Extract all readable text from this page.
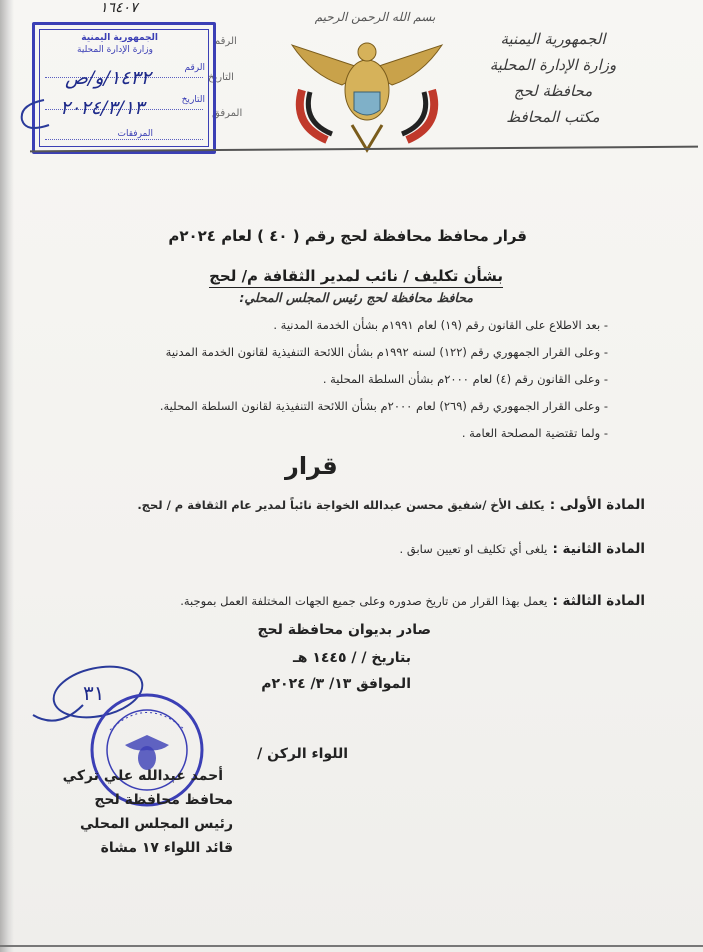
١٦٤٠٧
بسم الله الرحمن الرحيم
الجمهورية اليمنية
وزارة الإدارة المحلية
محافظة لحج
مكتب المحافظ
الرقم
التاريخ
المرفق
الجمهورية اليمنية
وزارة الإدارة المحلية
الرقم
١٤٣٢/و/ص
التاريخ
٢٠٢٤/٣/١٣
المرفقات
قرار محافظ محافظة لحج رقم ( ٤٠ ) لعام ٢٠٢٤م
بشأن تكليف / نائب لمدير الثقافة م/ لحج
محافظ محافظة لحج رئيس المجلس المحلي:
- بعد الاطلاع على القانون رقم (١٩) لعام ١٩٩١م بشأن الخدمة المدنية .
- وعلى القرار الجمهوري رقم (١٢٢) لسنه ١٩٩٢م بشأن اللائحة التنفيذية لقانون الخدمة المدنية
- وعلى القانون رقم (٤) لعام ٢٠٠٠م بشأن السلطة المحلية .
- وعلى القرار الجمهوري رقم (٢٦٩) لعام ٢٠٠٠م بشأن اللائحة التنفيذية لقانون السلطة المحلية.
- ولما تقتضية المصلحة العامة .
قرار
المادة الأولى : يكلف الأخ /شفيق محسن عبدالله الخواجة نائباً لمدير عام الثقافة م / لحج.
المادة الثانية : يلغى أي تكليف او تعيين سابق .
المادة الثالثة : يعمل بهذا القرار من تاريخ صدوره وعلى جميع الجهات المختلفة العمل بموجبة.
صادر بديوان محافظة لحج
بتاريخ / / ١٤٤٥ هـ
الموافق ١٣/ ٣/ ٢٠٢٤م
٣١
اللواء الركن /
أحمد عبدالله علي تركي
محافظ محافظة لحج
رئيس المجلس المحلي
قائد اللواء ١٧ مشاة
